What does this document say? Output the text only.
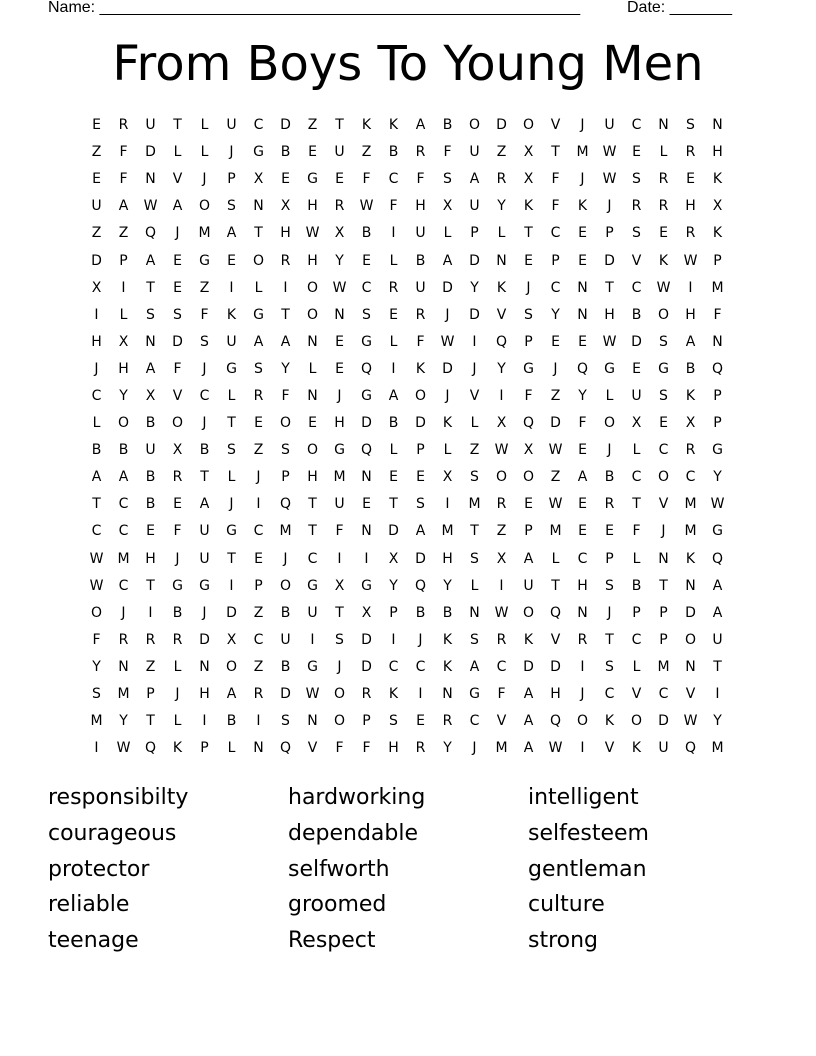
Name: ______________________________________________________	Date: _______
From Boys To Young Men
E	R	U	T	L	U	C	D	Z	T	K	K	A	B	O	D	O	V	J	U	C	N	S	N
Z	F	D	L	L	J	G	B	E	U	Z	B	R	F	U	Z	X	T	M	W	E	L	R	H
E	F	N	V	J	P	X	E	G	E	F	C	F	S	A	R	X	F	J	W	S	R	E	K
U	A	W	A	O	S	N	X	H	R	W	F	H	X	U	Y	K	F	K	J	R	R	H	X
Z	Z	Q	J	M	A	T	H	W	X	B	I	U	L	P	L	T	C	E	P	S	E	R	K
D	P	A	E	G	E	O	R	H	Y	E	L	B	A	D	N	E	P	E	D	V	K	W	P
X	I	T	E	Z	I	L	I	O	W	C	R	U	D	Y	K	J	C	N	T	C	W	I	M
I	L	S	S	F	K	G	T	O	N	S	E	R	J	D	V	S	Y	N	H	B	O	H	F
H	X	N	D	S	U	A	A	N	E	G	L	F	W	I	Q	P	E	E	W	D	S	A	N
J	H	A	F	J	G	S	Y	L	E	Q	I	K	D	J	Y	G	J	Q	G	E	G	B	Q
C	Y	X	V	C	L	R	F	N	J	G	A	O	J	V	I	F	Z	Y	L	U	S	K	P
L	O	B	O	J	T	E	O	E	H	D	B	D	K	L	X	Q	D	F	O	X	E	X	P
B	B	U	X	B	S	Z	S	O	G	Q	L	P	L	Z	W	X	W	E	J	L	C	R	G
A	A	B	R	T	L	J	P	H	M	N	E	E	X	S	O	O	Z	A	B	C	O	C	Y
T	C	B	E	A	J	I	Q	T	U	E	T	S	I	M	R	E	W	E	R	T	V	M	W
C	C	E	F	U	G	C	M	T	F	N	D	A	M	T	Z	P	M	E	E	F	J	M	G
W	M	H	J	U	T	E	J	C	I	I	X	D	H	S	X	A	L	C	P	L	N	K	Q
W	C	T	G	G	I	P	O	G	X	G	Y	Q	Y	L	I	U	T	H	S	B	T	N	A
O	J	I	B	J	D	Z	B	U	T	X	P	B	B	N	W	O	Q	N	J	P	P	D	A
F	R	R	R	D	X	C	U	I	S	D	I	J	K	S	R	K	V	R	T	C	P	O	U
Y	N	Z	L	N	O	Z	B	G	J	D	C	C	K	A	C	D	D	I	S	L	M	N	T
S	M	P	J	H	A	R	D	W	O	R	K	I	N	G	F	A	H	J	C	V	C	V	I
M	Y	T	L	I	B	I	S	N	O	P	S	E	R	C	V	A	Q	O	K	O	D	W	Y
I	W	Q	K	P	L	N	Q	V	F	F	H	R	Y	J	M	A	W	I	V	K	U	Q	M
responsibilty	hardworking	intelligent
courageous	dependable	selfesteem
protector	selfworth	gentleman
reliable	groomed	culture
teenage	Respect	strong
